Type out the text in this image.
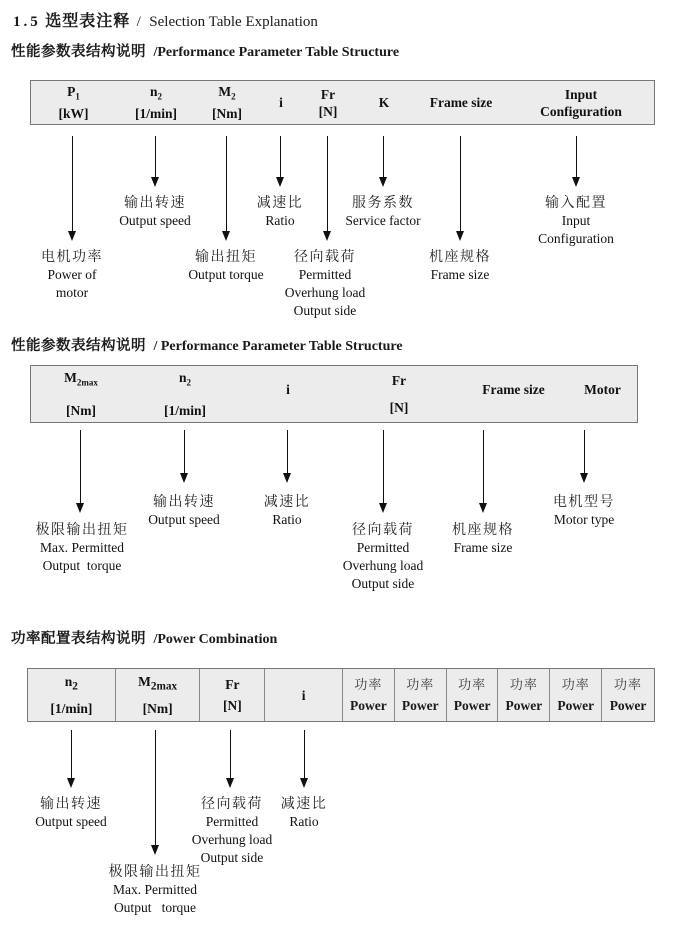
1.5 选型表注释 / Selection Table Explanation
性能参数表结构说明 /Performance Parameter Table Structure
$P_1$
[kW]
$n_2$
[1/min]
$M_2$
[Nm]
i
Fr
[N]
K	Frame size
Input
Configuration
输出转速
Output speed
减速比
Ratio
服务系数
Service factor
输入配置
Input
Configuration
电机功率
Power of
motor
输出扭矩
Output torque
径向载荷
Permitted
Overhung load
Output side
机座规格
Frame size
性能参数表结构说明 / Performance Parameter Table Structure
$M_{2max}$
[Nm]
$n_2$
[1/min]
i
Fr
[N]
Frame size	Motor
输出转速
Output speed
减速比
Ratio
电机型号
Motor type
极限输出扭矩
Max. Permitted
Output  torque
径向载荷
Permitted
Overhung load
Output side
机座规格
Frame size
功率配置表结构说明 /Power Combination
$n_2$
[1/min]
$M_{2max}$
[Nm]
Fr
[N]
i
功率
Power
功率
Power
功率
Power
功率
Power
功率
Power
功率
Power
输出转速
Output speed
径向载荷
Permitted
Overhung load
Output side
减速比
Ratio
极限输出扭矩
Max. Permitted
Output   torque
